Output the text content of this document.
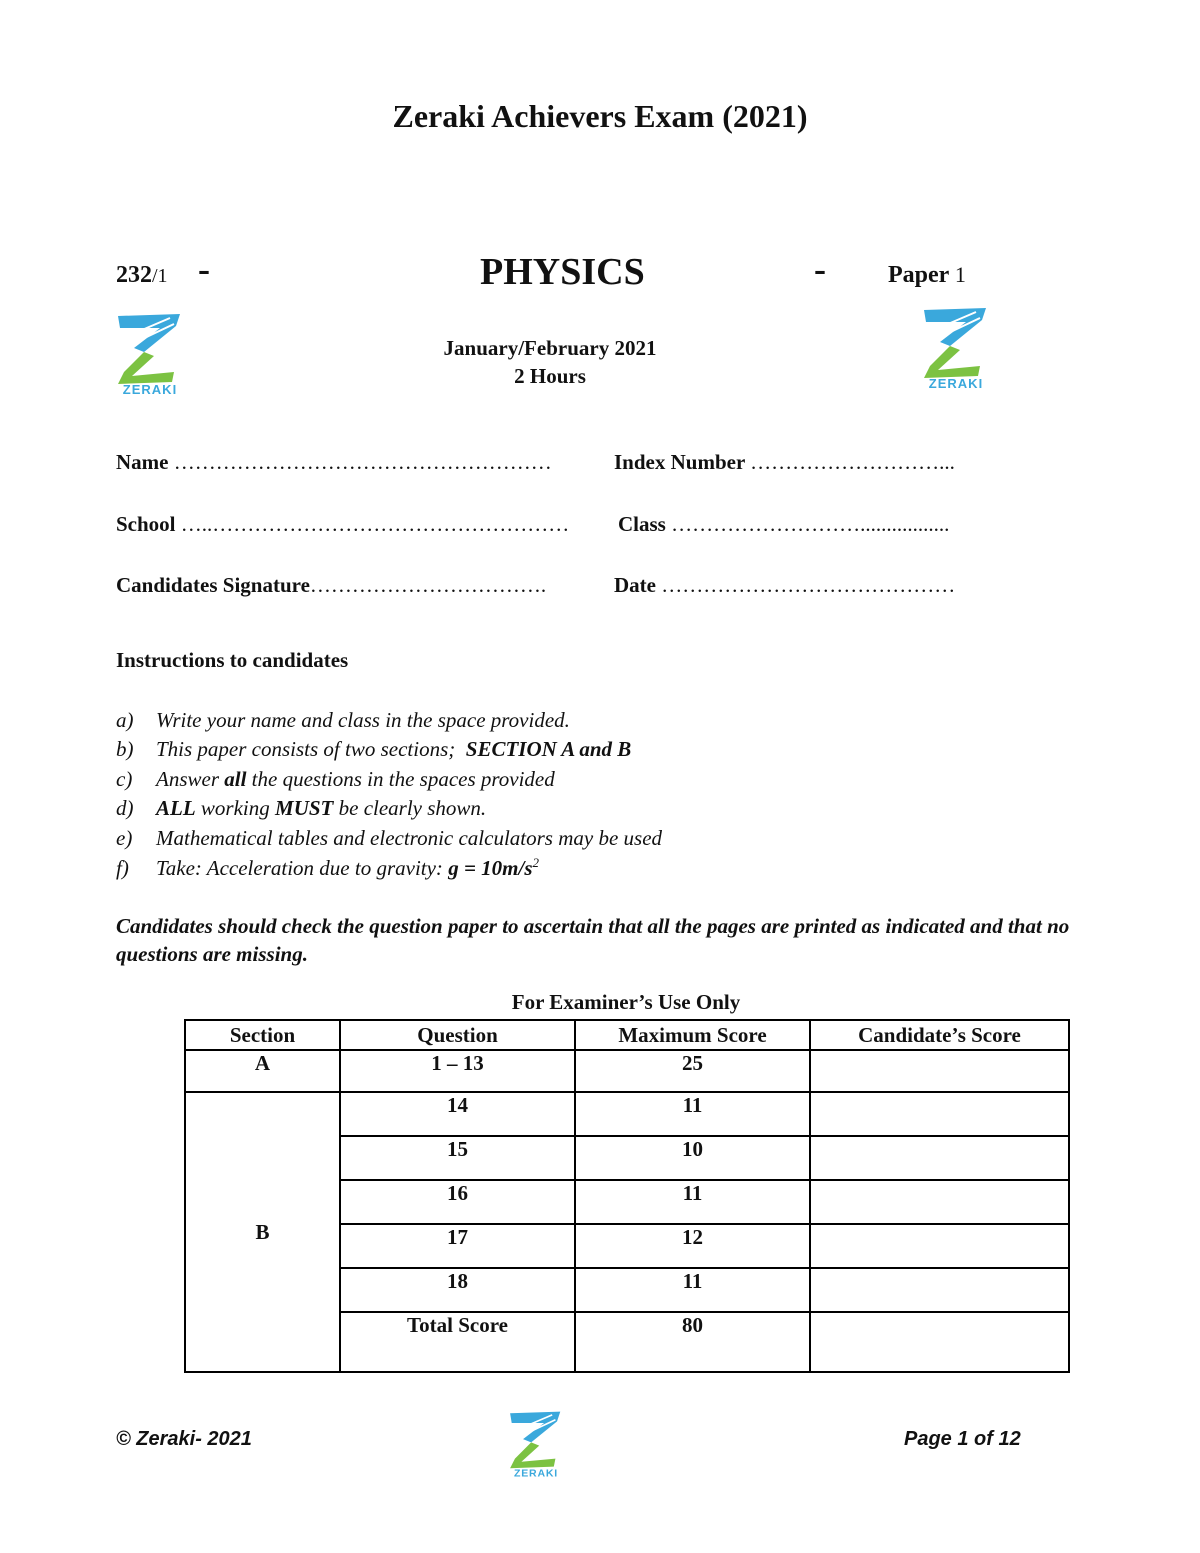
Zeraki Achievers Exam (2021)
232/1 -	PHYSICS	-	Paper 1
ZERAKI	ZERAKI
January/February 2021
2 Hours
Name ………………………………………………	Index Number ………………………...
School …..…………………………………………… Class ……………………….................
Candidates Signature…………………………….	Date ……………………………………
Instructions to candidates
a) Write your name and class in the space provided.
b) This paper consists of two sections; SECTION A and B
c) Answer all the questions in the spaces provided
d) ALL working MUST be clearly shown.
e) Mathematical tables and electronic calculators may be used
f) Take: Acceleration due to gravity: $g = 10m/s^2$
Candidates should check the question paper to ascertain that all the pages are printed as indicated and that no questions are missing.
For Examiner’s Use Only
Section	Question	Maximum Score	Candidate’s Score
A	1 – 13	25	
B	14	11	
	15	10	
	16	11	
	17	12	
	18	11	
	Total Score	80	
© Zeraki- 2021
ZERAKI
Page 1 of 12
